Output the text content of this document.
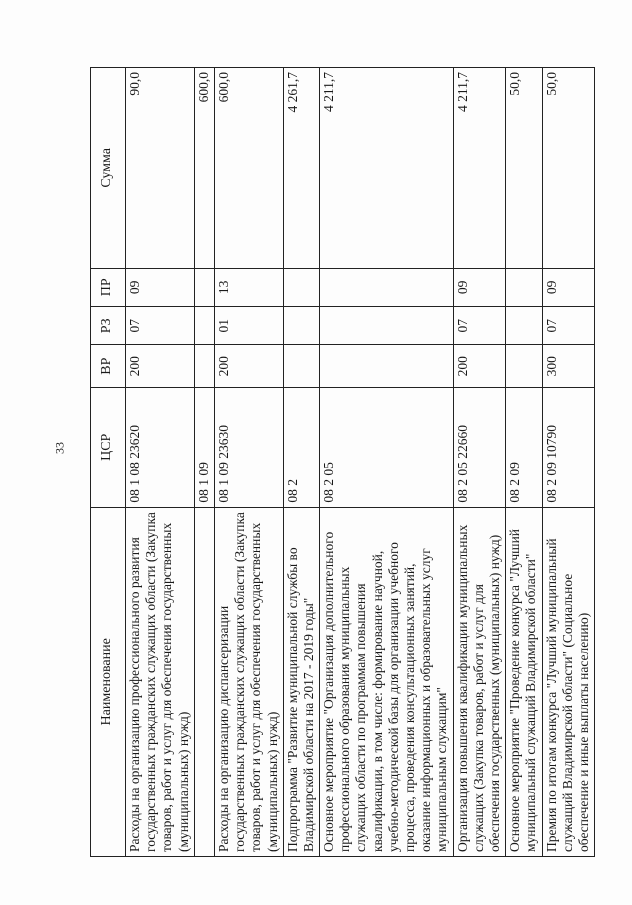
33
Наименование	ЦСР	ВР	РЗ	ПР	Сумма
Расходы на организацию профессионального развития государственных гражданских служащих области (Закупка товаров, работ и услуг для обеспечения государственных (муниципальных) нужд)	08 1 08 23620	200	07	09	90,0
	08 1 09				600,0
Расходы на организацию диспансеризации государственных гражданских служащих области (Закупка товаров, работ и услуг для обеспечения государственных (муниципальных) нужд)	08 1 09 23630	200	01	13	600,0
Подпрограмма "Развитие муниципальной службы во Владимирской области на 2017 - 2019 годы"	08 2				4 261,7
Основное мероприятие "Организация дополнительного профессионального образования муниципальных служащих области по программам повышения квалификации, в том числе: формирование научной, учебно-методической базы для организации учебного процесса, проведения консультационных занятий, оказание информационных и образовательных услуг муниципальным служащим"	08 2 05				4 211,7
Организация повышения квалификации муниципальных служащих (Закупка товаров, работ и услуг для обеспечения государственных (муниципальных) нужд)	08 2 05 22660	200	07	09	4 211,7
Основное мероприятие "Проведение конкурса "Лучший муниципальный служащий Владимирской области"	08 2 09				50,0
Премия по итогам конкурса "Лучший муниципальный служащий Владимирской области" (Социальное обеспечение и иные выплаты населению)	08 2 09 10790	300	07	09	50,0
